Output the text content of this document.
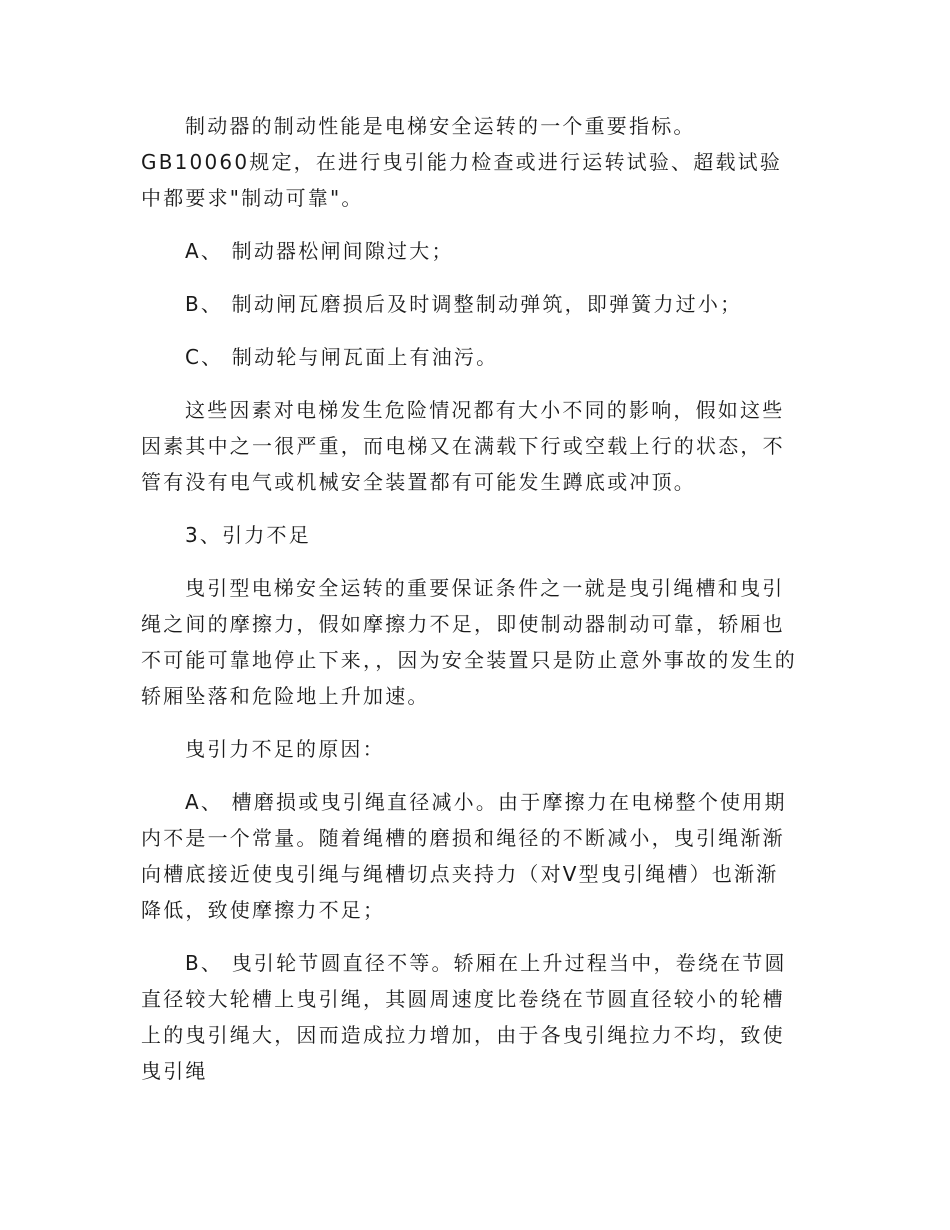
制动器的制动性能是电梯安全运转的一个重要指标。GB10060规定，在进行曳引能力检查或进行运转试验、超载试验中都要求"制动可靠"。

A、 制动器松闸间隙过大；

B、 制动闸瓦磨损后及时调整制动弹筑，即弹簧力过小；

C、 制动轮与闸瓦面上有油污。

这些因素对电梯发生危险情况都有大小不同的影响，假如这些因素其中之一很严重，而电梯又在满载下行或空载上行的状态，不管有没有电气或机械安全装置都有可能发生蹲底或冲顶。

3、引力不足

曳引型电梯安全运转的重要保证条件之一就是曳引绳槽和曳引绳之间的摩擦力，假如摩擦力不足，即使制动器制动可靠，轿厢也不可能可靠地停止下来，，因为安全装置只是防止意外事故的发生的轿厢坠落和危险地上升加速。

曳引力不足的原因：

A、 槽磨损或曳引绳直径减小。由于摩擦力在电梯整个使用期内不是一个常量。随着绳槽的磨损和绳径的不断减小，曳引绳渐渐向槽底接近使曳引绳与绳槽切点夹持力（对V型曳引绳槽）也渐渐降低，致使摩擦力不足；

B、 曳引轮节圆直径不等。轿厢在上升过程当中，卷绕在节圆直径较大轮槽上曳引绳，其圆周速度比卷绕在节圆直径较小的轮槽上的曳引绳大，因而造成拉力增加，由于各曳引绳拉力不均，致使曳引绳
